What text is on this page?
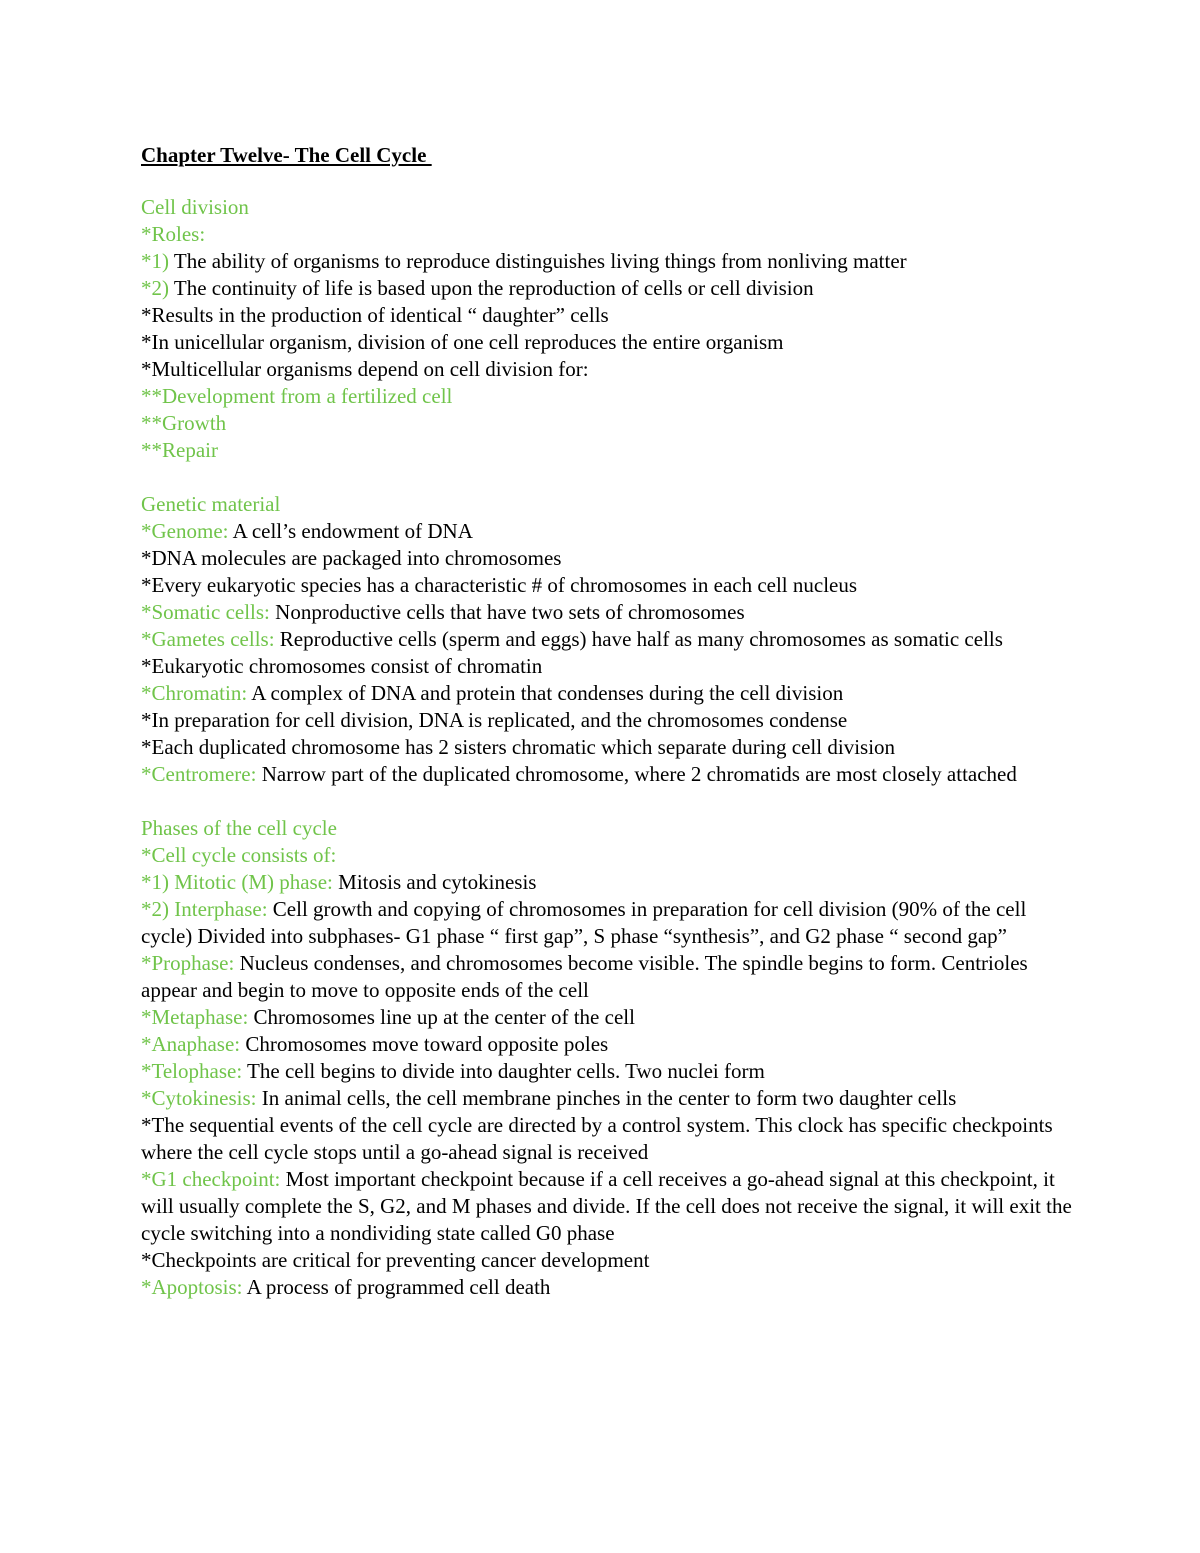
Chapter Twelve- The Cell Cycle

Cell division

*Roles:

*1) The ability of organisms to reproduce distinguishes living things from nonliving matter

*2) The continuity of life is based upon the reproduction of cells or cell division

*Results in the production of identical “ daughter” cells

*In unicellular organism, division of one cell reproduces the entire organism

*Multicellular organisms depend on cell division for:

**Development from a fertilized cell

**Growth

**Repair

Genetic material

*Genome: A cell’s endowment of DNA

*DNA molecules are packaged into chromosomes

*Every eukaryotic species has a characteristic # of chromosomes in each cell nucleus

*Somatic cells: Nonproductive cells that have two sets of chromosomes

*Gametes cells: Reproductive cells (sperm and eggs) have half as many chromosomes as somatic cells

*Eukaryotic chromosomes consist of chromatin

*Chromatin: A complex of DNA and protein that condenses during the cell division

*In preparation for cell division, DNA is replicated, and the chromosomes condense

*Each duplicated chromosome has 2 sisters chromatic which separate during cell division

*Centromere: Narrow part of the duplicated chromosome, where 2 chromatids are most closely attached

Phases of the cell cycle

*Cell cycle consists of:

*1) Mitotic (M) phase: Mitosis and cytokinesis

*2) Interphase: Cell growth and copying of chromosomes in preparation for cell division (90% of the cell cycle) Divided into subphases- G1 phase “ first gap”, S phase “synthesis”, and G2 phase “ second gap”

*Prophase: Nucleus condenses, and chromosomes become visible. The spindle begins to form. Centrioles appear and begin to move to opposite ends of the cell

*Metaphase: Chromosomes line up at the center of the cell

*Anaphase: Chromosomes move toward opposite poles

*Telophase: The cell begins to divide into daughter cells. Two nuclei form

*Cytokinesis: In animal cells, the cell membrane pinches in the center to form two daughter cells

*The sequential events of the cell cycle are directed by a control system. This clock has specific checkpoints where the cell cycle stops until a go-ahead signal is received

*G1 checkpoint: Most important checkpoint because if a cell receives a go-ahead signal at this checkpoint, it will usually complete the S, G2, and M phases and divide. If the cell does not receive the signal, it will exit the cycle switching into a nondividing state called G0 phase

*Checkpoints are critical for preventing cancer development

*Apoptosis: A process of programmed cell death
